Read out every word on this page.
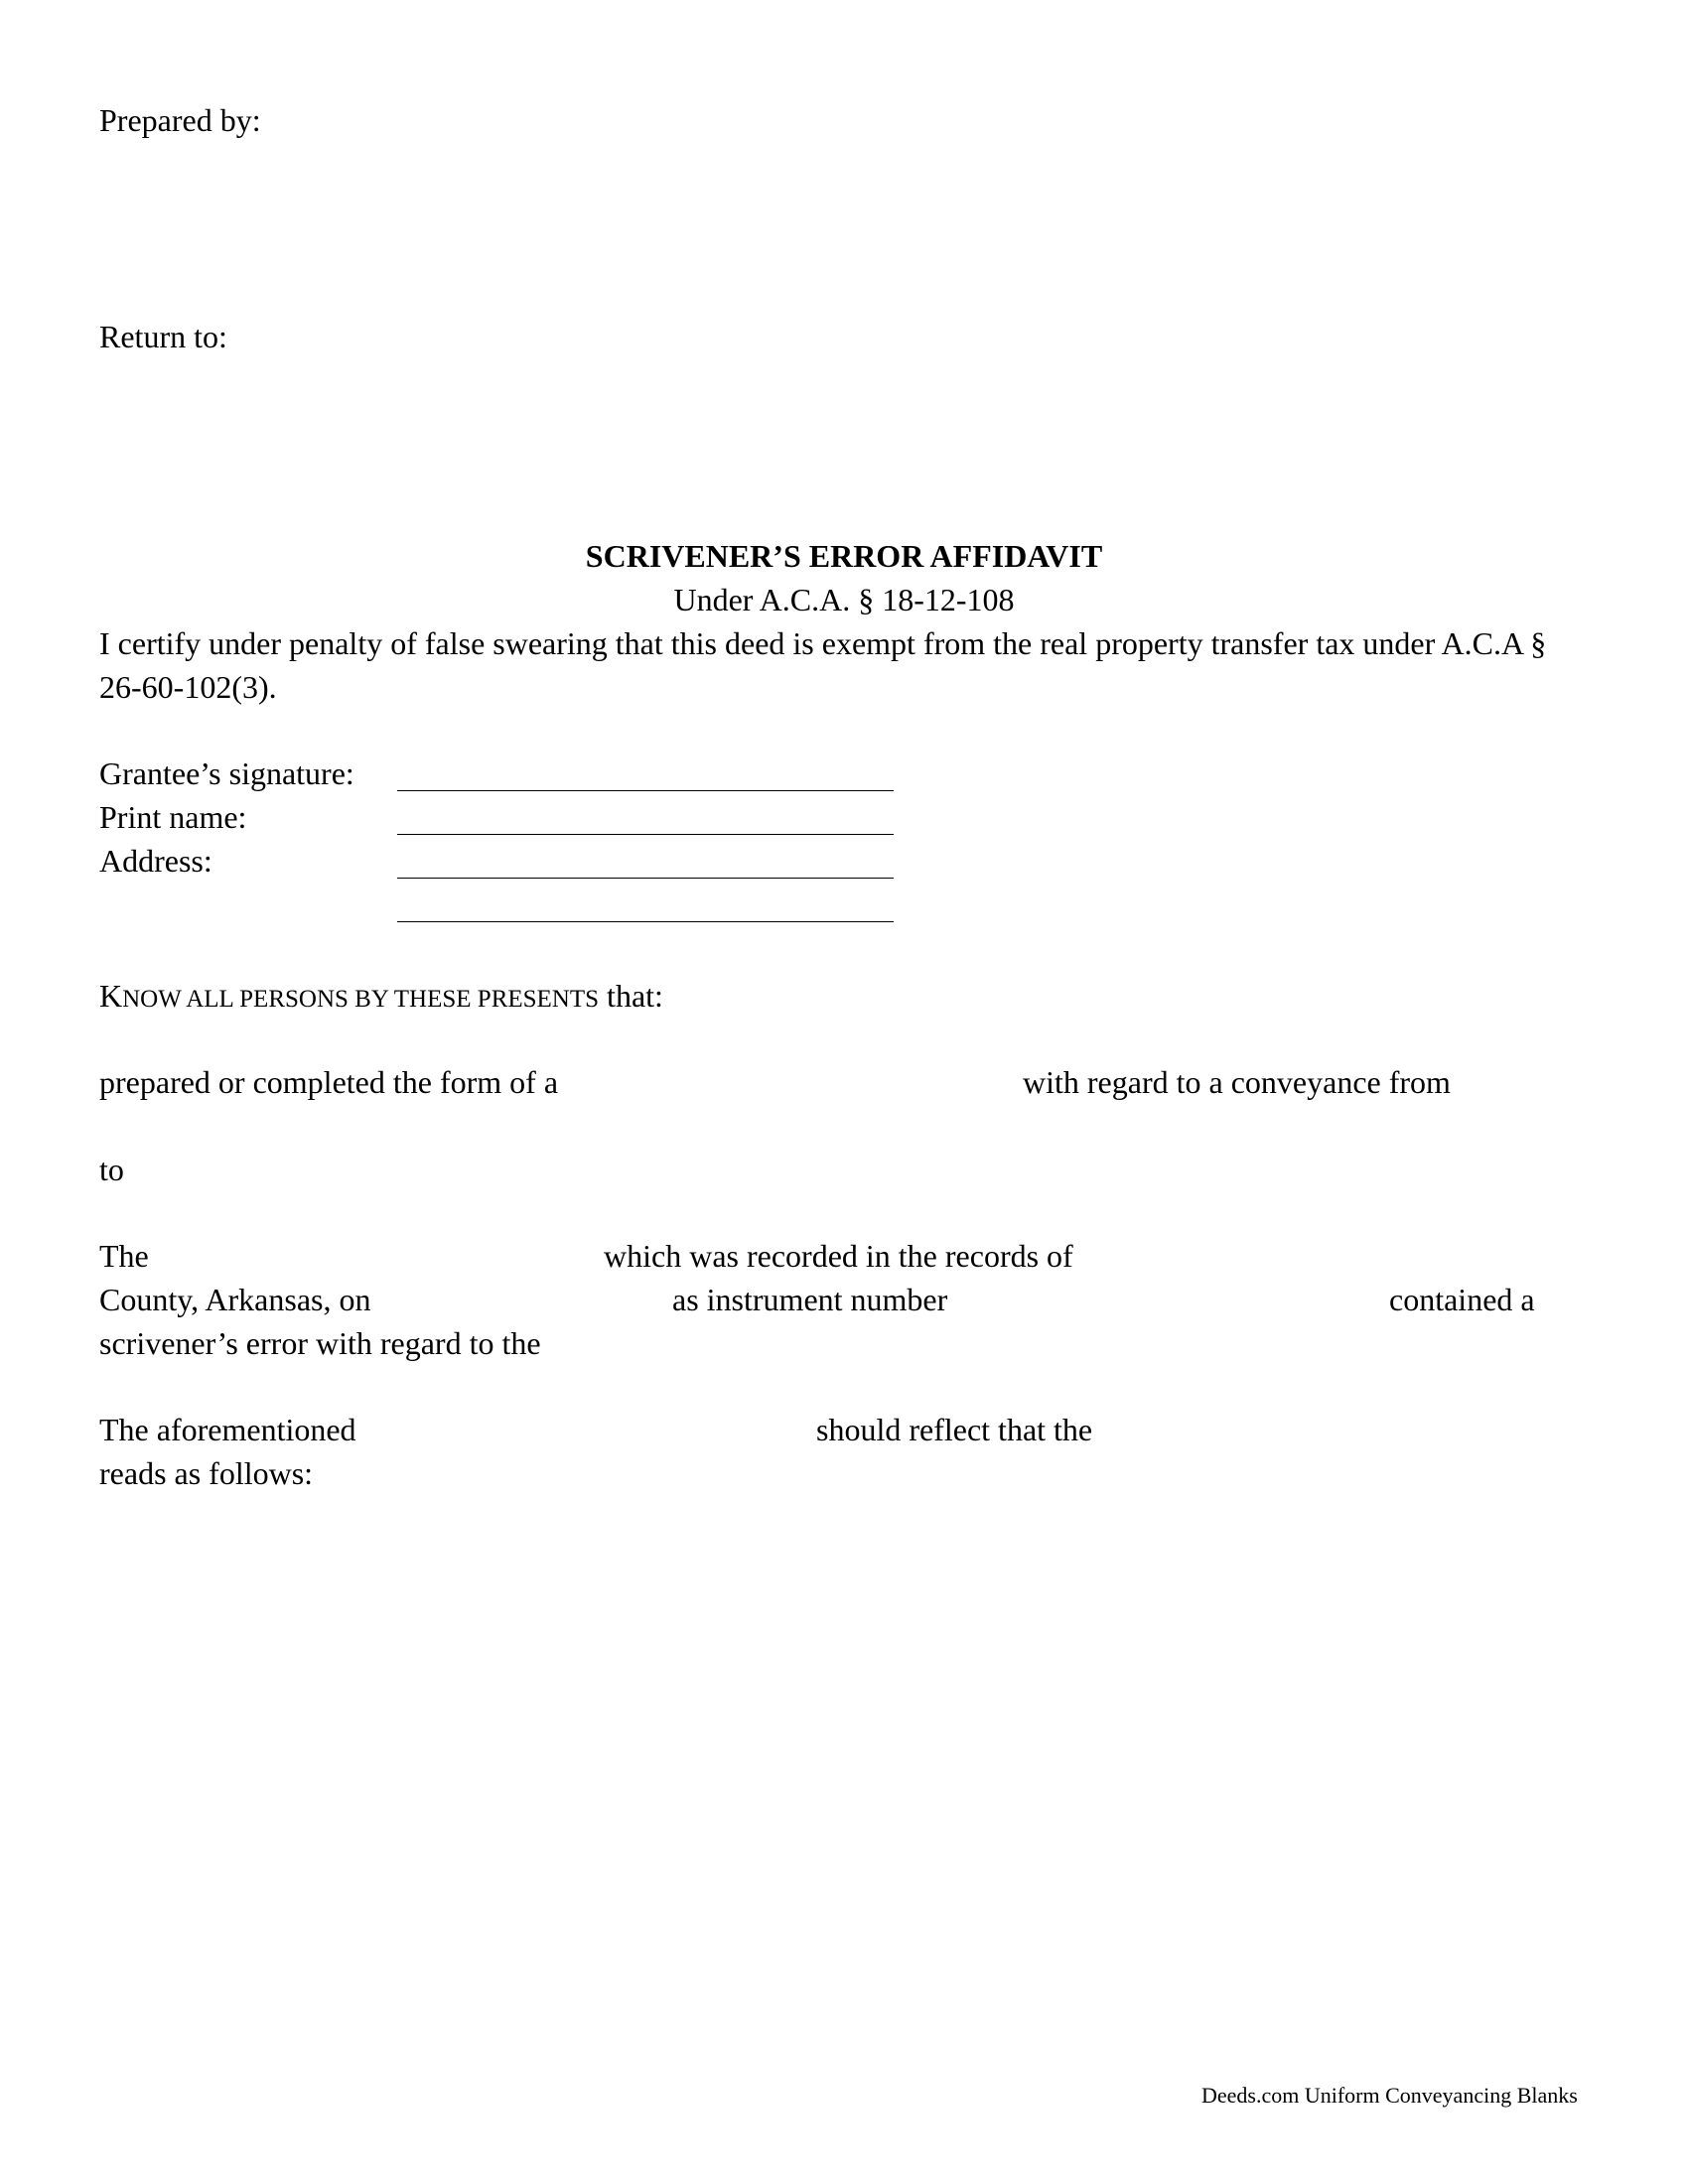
Prepared by:
Return to:
SCRIVENER’S ERROR AFFIDAVIT
Under A.C.A. § 18-12-108
I certify under penalty of false swearing that this deed is exempt from the real property transfer tax under A.C.A § 26-60-102(3).
Grantee’s signature:
Print name:
Address:
KNOW ALL PERSONS BY THESE PRESENTS that:
prepared or completed the form of a	with regard to a conveyance from
to
The	which was recorded in the records of
County, Arkansas, on	as instrument number	contained a
scrivener’s error with regard to the
The aforementioned	should reflect that the
reads as follows:
Deeds.com Uniform Conveyancing Blanks
